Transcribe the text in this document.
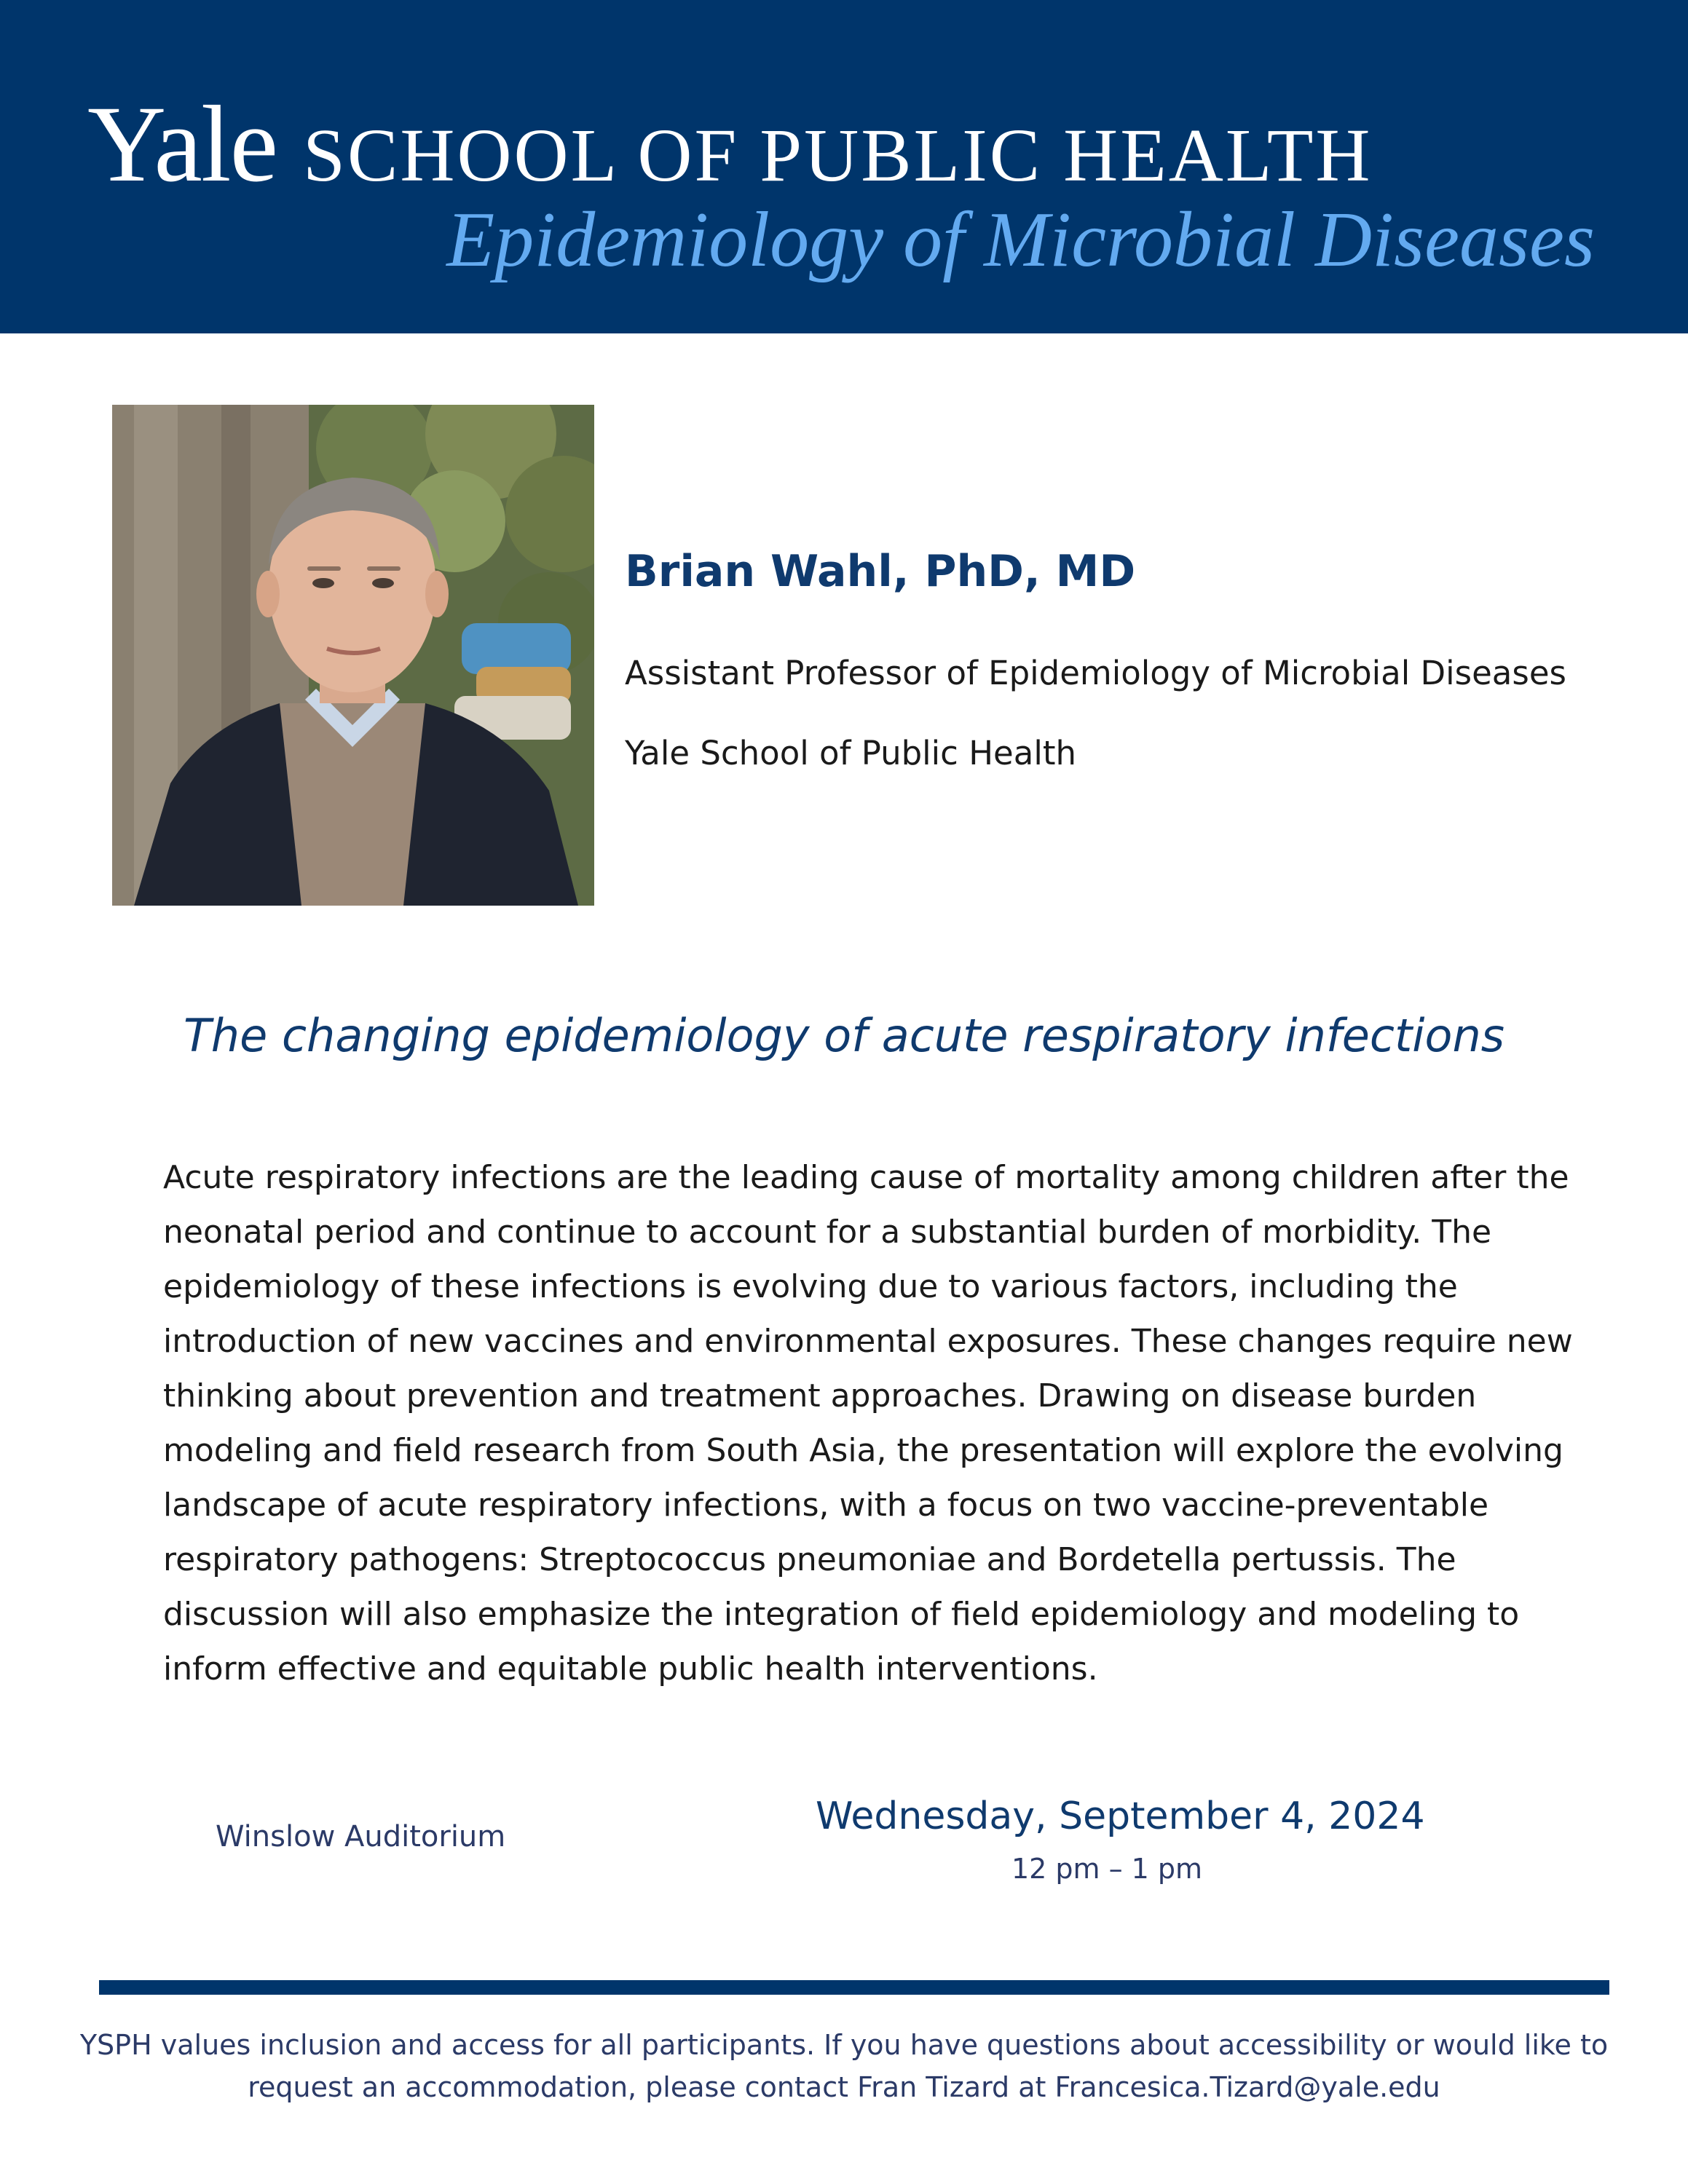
Yale SCHOOL OF PUBLIC HEALTH
Epidemiology of Microbial Diseases
Brian Wahl, PhD, MD
Assistant Professor of Epidemiology of Microbial Diseases
Yale School of Public Health
The changing epidemiology of acute respiratory infections
Acute respiratory infections are the leading cause of mortality among children after the neonatal period and continue to account for a substantial burden of morbidity. The epidemiology of these infections is evolving due to various factors, including the introduction of new vaccines and environmental exposures. These changes require new thinking about prevention and treatment approaches. Drawing on disease burden modeling and field research from South Asia, the presentation will explore the evolving landscape of acute respiratory infections, with a focus on two vaccine-preventable respiratory pathogens: Streptococcus pneumoniae and Bordetella pertussis. The discussion will also emphasize the integration of field epidemiology and modeling to inform effective and equitable public health interventions.
Winslow Auditorium	Wednesday, September 4, 2024
12 pm – 1 pm
YSPH values inclusion and access for all participants. If you have questions about accessibility or would like to request an accommodation, please contact Fran Tizard at Francesica.Tizard@yale.edu
